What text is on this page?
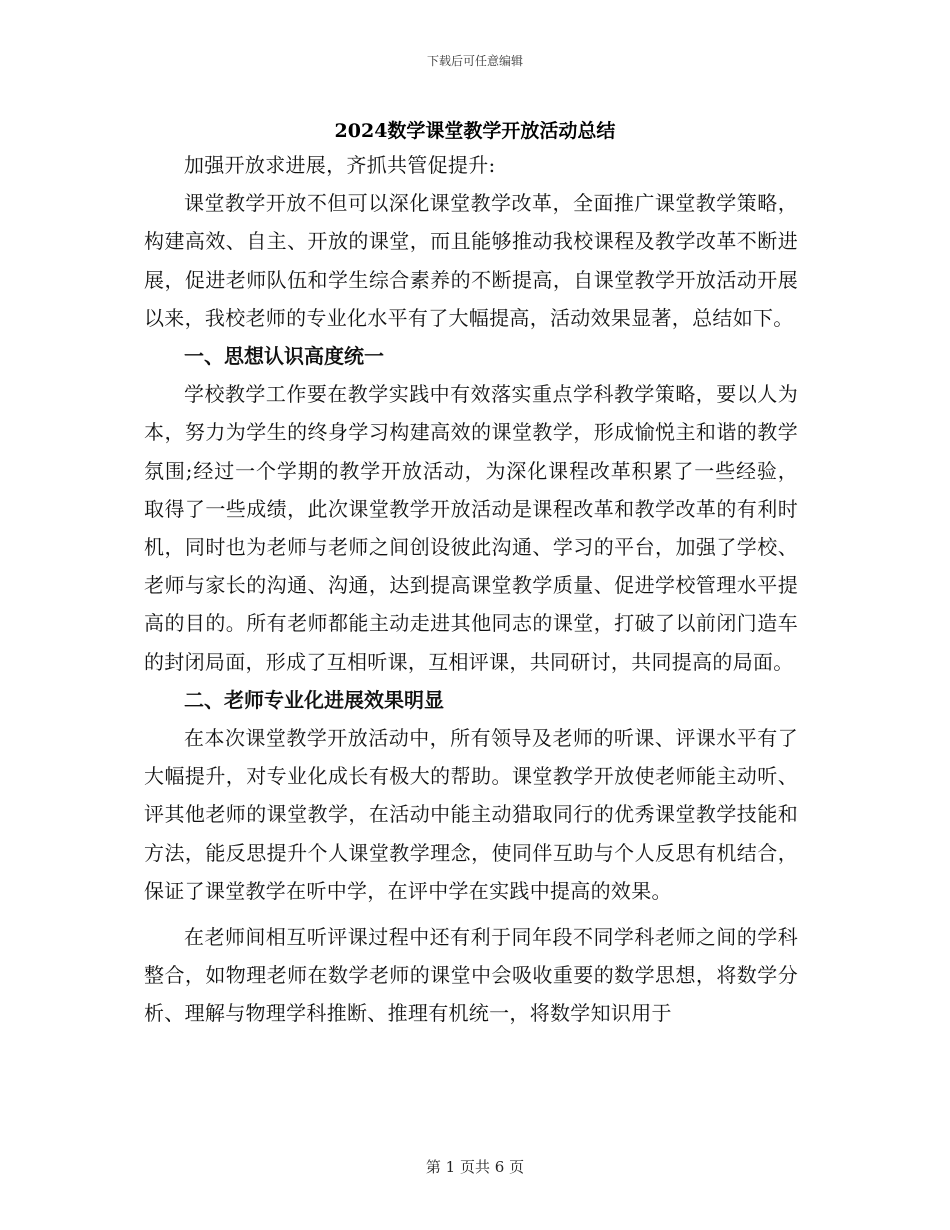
下载后可任意编辑
2024数学课堂教学开放活动总结

加强开放求进展，齐抓共管促提升:

课堂教学开放不但可以深化课堂教学改革，全面推广课堂教学策略，构建高效、自主、开放的课堂，而且能够推动我校课程及教学改革不断进展，促进老师队伍和学生综合素养的不断提高，自课堂教学开放活动开展以来，我校老师的专业化水平有了大幅提高，活动效果显著，总结如下。

一、思想认识高度统一

学校教学工作要在教学实践中有效落实重点学科教学策略，要以人为本，努力为学生的终身学习构建高效的课堂教学，形成愉悦主和谐的教学氛围;经过一个学期的教学开放活动，为深化课程改革积累了一些经验，取得了一些成绩，此次课堂教学开放活动是课程改革和教学改革的有利时机，同时也为老师与老师之间创设彼此沟通、学习的平台，加强了学校、老师与家长的沟通、沟通，达到提高课堂教学质量、促进学校管理水平提高的目的。所有老师都能主动走进其他同志的课堂，打破了以前闭门造车的封闭局面，形成了互相听课，互相评课，共同研讨，共同提高的局面。

二、老师专业化进展效果明显

在本次课堂教学开放活动中，所有领导及老师的听课、评课水平有了大幅提升，对专业化成长有极大的帮助。课堂教学开放使老师能主动听、评其他老师的课堂教学，在活动中能主动猎取同行的优秀课堂教学技能和方法，能反思提升个人课堂教学理念，使同伴互助与个人反思有机结合，保证了课堂教学在听中学，在评中学在实践中提高的效果。

在老师间相互听评课过程中还有利于同年段不同学科老师之间的学科整合，如物理老师在数学老师的课堂中会吸收重要的数学思想，将数学分析、理解与物理学科推断、推理有机统一，将数学知识用于

第 1 页共 6 页
